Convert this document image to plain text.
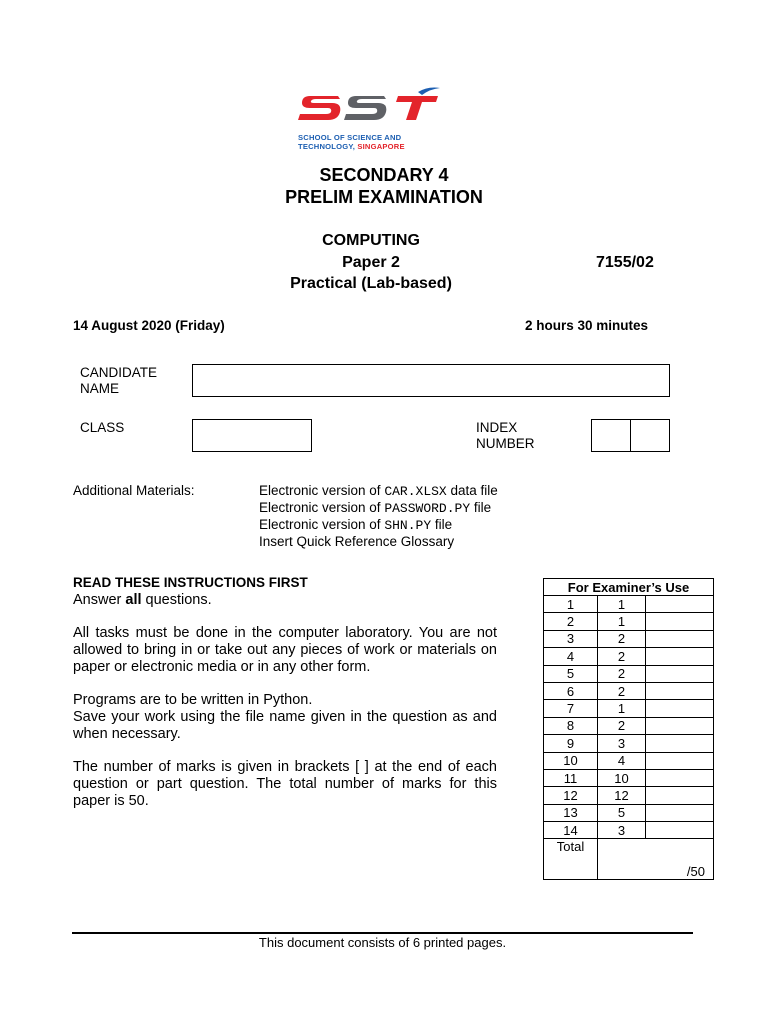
SCHOOL OF SCIENCE AND
TECHNOLOGY, SINGAPORE
SECONDARY 4
PRELIM EXAMINATION
COMPUTING
Paper 2	7155/02
Practical (Lab-based)
14 August 2020 (Friday)	2 hours 30 minutes
CANDIDATE
NAME
CLASS	INDEX
NUMBER
Additional Materials:	Electronic version of CAR.XLSX data file
Electronic version of PASSWORD.PY file
Electronic version of SHN.PY file
Insert Quick Reference Glossary
READ THESE INSTRUCTIONS FIRST
Answer all questions.
All tasks must be done in the computer laboratory. You are not allowed to bring in or take out any pieces of work or materials on paper or electronic media or in any other form.
Programs are to be written in Python.
Save your work using the file name given in the question as and when necessary.
The number of marks is given in brackets [ ] at the end of each question or part question. The total number of marks for this paper is 50.
For Examiner’s Use		
1	1	
2	1	
3	2	
4	2	
5	2	
6	2	
7	1	
8	2	
9	3	
10	4	
11	10	
12	12	
13	5	
14	3	
Total	/50	
This document consists of 6 printed pages.
